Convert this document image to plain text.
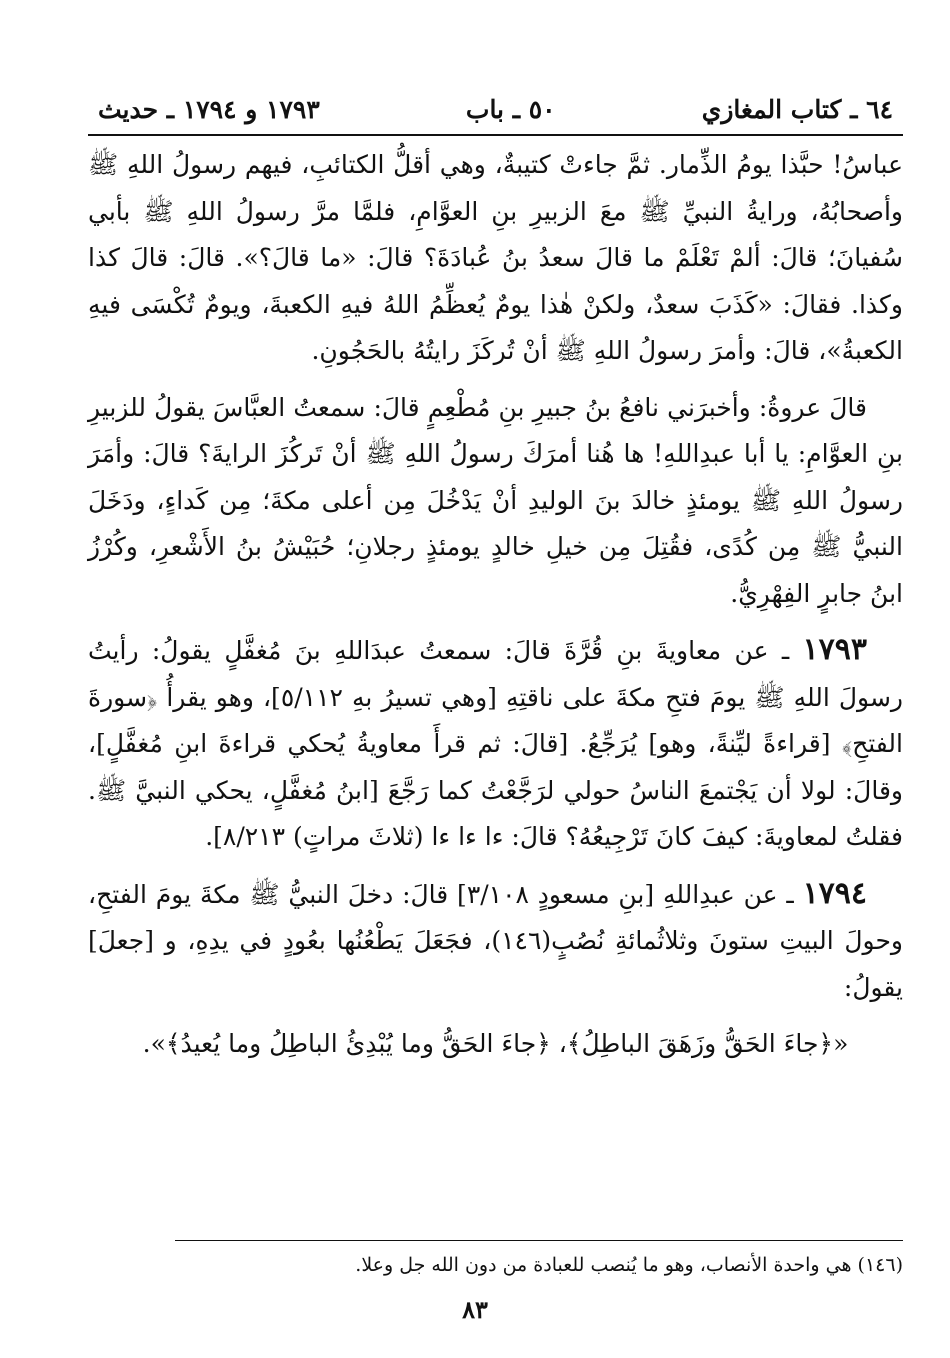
٦٤ ـ كتاب المغازي
٥٠ ـ باب
١٧٩٣ و ١٧٩٤ ـ حديث

عباسُ! حبَّذا يومُ الذِّمار. ثمَّ جاءتْ كتيبةٌ، وهي أقلُّ الكتائبِ، فيهم رسولُ اللهِ ﷺ وأصحابُهُ، ورايةُ النبيِّ ﷺ معَ الزبيرِ بنِ العوَّامِ، فلمَّا مرَّ رسولُ اللهِ ﷺ بأبي سُفيانَ؛ قالَ: ألمْ تَعْلَمْ ما قالَ سعدُ بنُ عُبادَةَ؟ قالَ: «ما قالَ؟». قالَ: قالَ كذا وكذا. فقالَ: «كَذَبَ سعدٌ، ولكنْ هٰذا يومٌ يُعظِّمُ اللهُ فيهِ الكعبةَ، ويومٌ تُكْسَى فيهِ الكعبةُ»، قالَ: وأمرَ رسولُ اللهِ ﷺ أنْ تُركَزَ رايتُهُ بالحَجُونِ.

قالَ عروةُ: وأخبرَني نافعُ بنُ جبيرِ بنِ مُطْعِمٍ قالَ: سمعتُ العبَّاسَ يقولُ للزبيرِ بنِ العوَّامِ: يا أبا عبدِاللهِ! ها هُنا أمرَكَ رسولُ اللهِ ﷺ أنْ تَركُزَ الرايةَ؟ قالَ: وأمَرَ رسولُ اللهِ ﷺ يومئذٍ خالدَ بنَ الوليدِ أنْ يَدْخُلَ مِن أعلى مكةَ؛ مِن كَداءٍ، ودَخَلَ النبيُّ ﷺ مِن كُدًى، فقُتِلَ مِن خيلِ خالدٍ يومئذٍ رجلانِ؛ حُبَيْشُ بنُ الأَشْعرِ، وكُرْزُ ابنُ جابرٍ الفِهْرِيُّ.

١٧٩٣ ـ عن معاويةَ بنِ قُرَّةَ قالَ: سمعتُ عبدَاللهِ بنَ مُغفَّلٍ يقولُ: رأيتُ رسولَ اللهِ ﷺ يومَ فتحِ مكةَ على ناقتِهِ [وهي تسيرُ بهِ ٥/١١٢]، وهو يقرأُ ﴿سورةَ الفتحِ﴾ [قراءةً ليِّنةً، وهو] يُرَجِّعُ. [قالَ: ثم قرأَ معاويةُ يُحكي قراءةَ ابنِ مُغفَّلٍ]، وقالَ: لولا أن يَجْتمعَ الناسُ حولي لرَجَّعْتُ كما رَجَّعَ [ابنُ مُغفَّلٍ، يحكي النبيَّ ﷺ. فقلتُ لمعاويةَ: كيفَ كانَ تَرْجِيعُهُ؟ قالَ: ءا ءا ءا (ثلاثَ مراتٍ) ٨/٢١٣].

١٧٩٤ ـ عن عبدِاللهِ [بنِ مسعودٍ ٣/١٠٨] قالَ: دخلَ النبيُّ ﷺ مكةَ يومَ الفتحِ، وحولَ البيتِ ستونَ وثلاثُمائةِ نُصُبٍ(١٤٦)، فجَعَلَ يَطْعُنُها بعُودٍ في يدِهِ، و [جعلَ] يقولُ:

«﴿جاءَ الحَقُّ وزَهَقَ الباطِلُ﴾، ﴿جاءَ الحَقُّ وما يُبْدِئُ الباطِلُ وما يُعيدُ﴾».

(١٤٦) هي واحدة الأنصاب، وهو ما يُنصب للعبادة من دون الله جل وعلا.
٨٣
